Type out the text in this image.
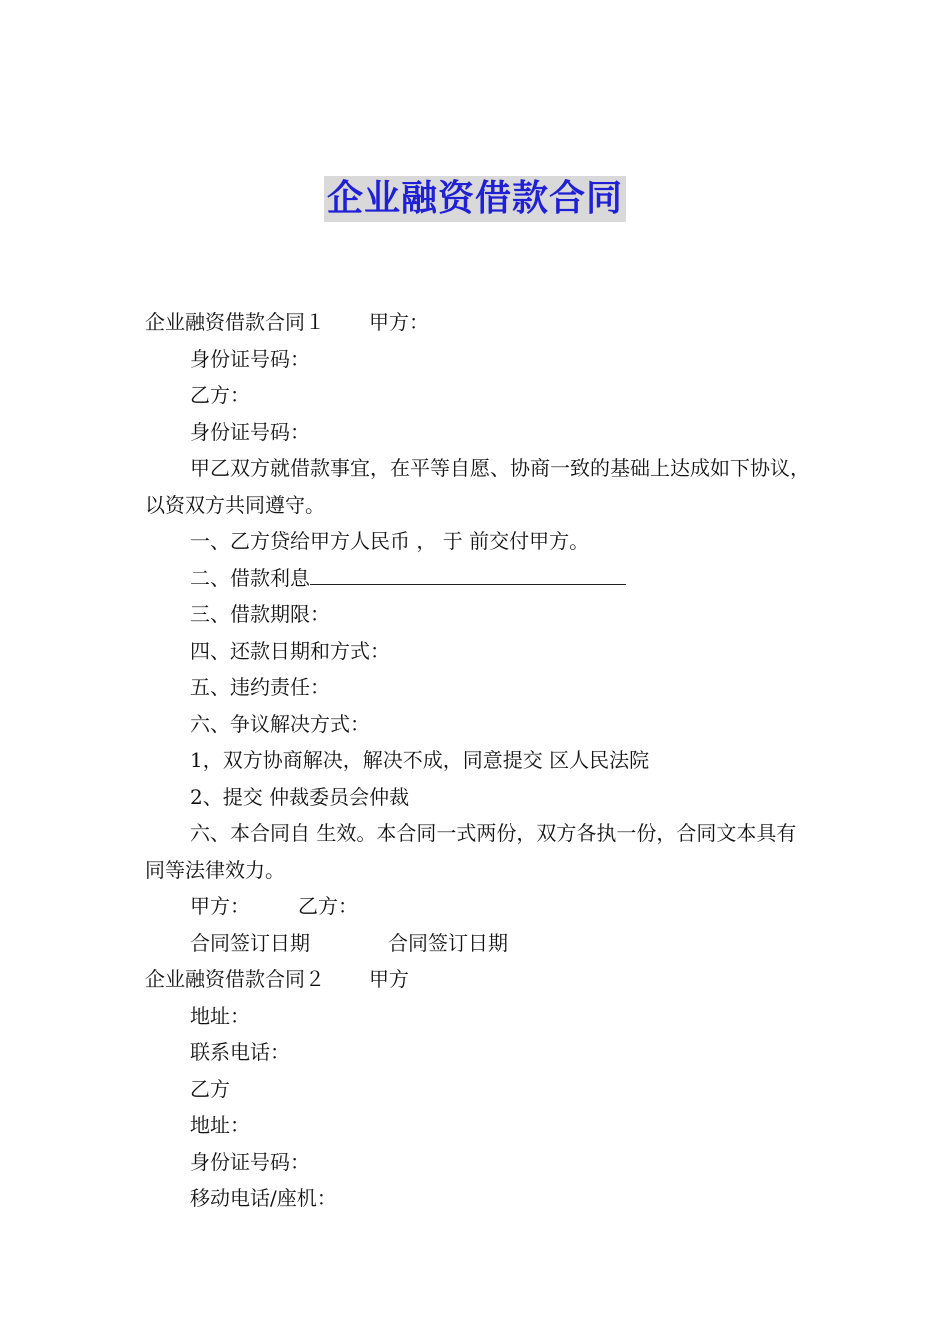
企业融资借款合同
企业融资借款合同１ 甲方：
身份证号码：
乙方：
身份证号码：
甲乙双方就借款事宜，在平等自愿、协商一致的基础上达成如下协议，以资双方共同遵守。
一、乙方贷给甲方人民币 ， 于 前交付甲方。
二、借款利息
三、借款期限：
四、还款日期和方式：
五、违约责任：
六、争议解决方式：
1，双方协商解决，解决不成，同意提交 区人民法院
2、提交 仲裁委员会仲裁
六、本合同自 生效。本合同一式两份，双方各执一份，合同文本具有同等法律效力。
甲方： 乙方：
合同签订日期	合同签订日期
企业融资借款合同２ 甲方
地址：
联系电话：
乙方
地址：
身份证号码：
移动电话/座机：
